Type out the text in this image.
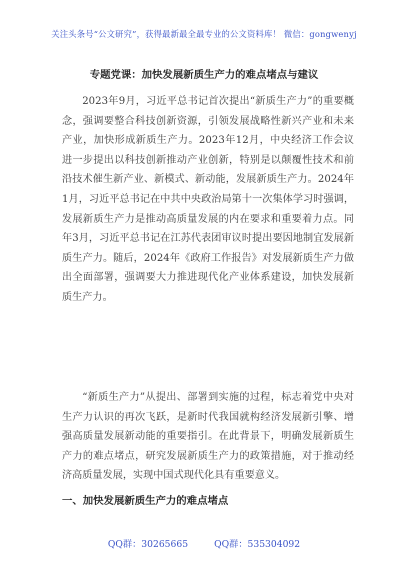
关注头条号“公文研究”，获得最新最全最专业的公文资料库！ 微信：gongwenyj
专题党课：加快发展新质生产力的难点堵点与建议

2023年9月，习近平总书记首次提出“新质生产力”的重要概念，强调要整合科技创新资源，引领发展战略性新兴产业和未来产业，加快形成新质生产力。2023年12月，中央经济工作会议进一步提出以科技创新推动产业创新，特别是以颠覆性技术和前沿技术催生新产业、新模式、新动能，发展新质生产力。2024年1月，习近平总书记在中共中央政治局第十一次集体学习时强调，发展新质生产力是推动高质量发展的内在要求和重要着力点。同年3月，习近平总书记在江苏代表团审议时提出要因地制宜发展新质生产力。随后，2024年《政府工作报告》对发展新质生产力做出全面部署，强调要大力推进现代化产业体系建设，加快发展新质生产力。

“新质生产力”从提出、部署到实施的过程，标志着党中央对生产力认识的再次飞跃，是新时代我国就构经济发展新引擎、增强高质量发展新动能的重要指引。在此背景下，明确发展新质生产力的难点堵点，研究发展新质生产力的政策措施，对于推动经济高质量发展，实现中国式现代化具有重要意义。

一、加快发展新质生产力的难点堵点
QQ群：30265665	QQ群：535304092
